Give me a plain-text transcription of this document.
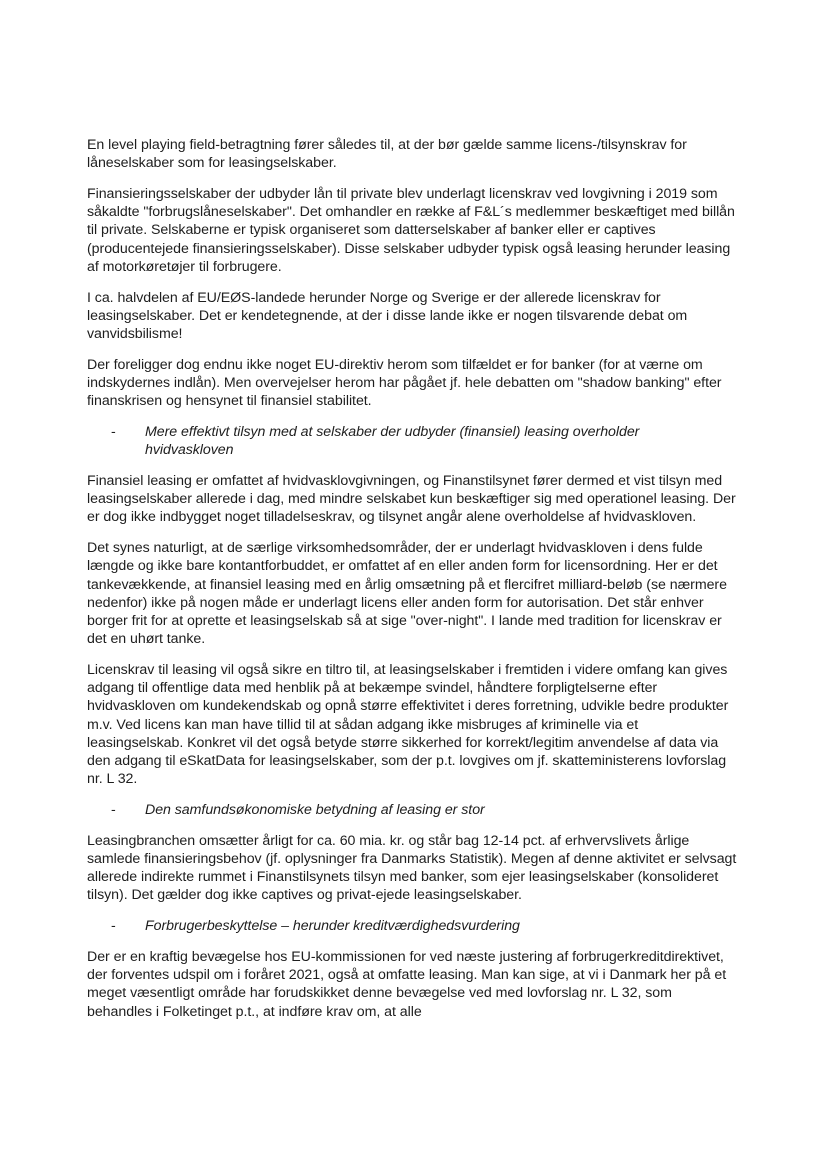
En level playing field-betragtning fører således til, at der bør gælde samme licens-/tilsynskrav for låneselskaber som for leasingselskaber.

Finansieringsselskaber der udbyder lån til private blev underlagt licenskrav ved lovgivning i 2019 som såkaldte "forbrugslåneselskaber". Det omhandler en række af F&L´s medlemmer beskæftiget med billån til private. Selskaberne er typisk organiseret som datterselskaber af banker eller er captives (producentejede finansieringsselskaber). Disse selskaber udbyder typisk også leasing herunder leasing af motorkøretøjer til forbrugere.

I ca. halvdelen af EU/EØS-landede herunder Norge og Sverige er der allerede licenskrav for leasingselskaber. Det er kendetegnende, at der i disse lande ikke er nogen tilsvarende debat om vanvidsbilisme!

Der foreligger dog endnu ikke noget EU-direktiv herom som tilfældet er for banker (for at værne om indskydernes indlån). Men overvejelser herom har pågået jf. hele debatten om "shadow banking" efter finanskrisen og hensynet til finansiel stabilitet.

-	Mere effektivt tilsyn med at selskaber der udbyder (finansiel) leasing overholder hvidvaskloven

Finansiel leasing er omfattet af hvidvasklovgivningen, og Finanstilsynet fører dermed et vist tilsyn med leasingselskaber allerede i dag, med mindre selskabet kun beskæftiger sig med operationel leasing. Der er dog ikke indbygget noget tilladelseskrav, og tilsynet angår alene overholdelse af hvidvaskloven.

Det synes naturligt, at de særlige virksomhedsområder, der er underlagt hvidvaskloven i dens fulde længde og ikke bare kontantforbuddet, er omfattet af en eller anden form for licensordning. Her er det tankevækkende, at finansiel leasing med en årlig omsætning på et flercifret milliard-beløb (se nærmere nedenfor) ikke på nogen måde er underlagt licens eller anden form for autorisation. Det står enhver borger frit for at oprette et leasingselskab så at sige "over-night". I lande med tradition for licenskrav er det en uhørt tanke.

Licenskrav til leasing vil også sikre en tiltro til, at leasingselskaber i fremtiden i videre omfang kan gives adgang til offentlige data med henblik på at bekæmpe svindel, håndtere forpligtelserne efter hvidvaskloven om kundekendskab og opnå større effektivitet i deres forretning, udvikle bedre produkter m.v. Ved licens kan man have tillid til at sådan adgang ikke misbruges af kriminelle via et leasingselskab. Konkret vil det også betyde større sikkerhed for korrekt/legitim anvendelse af data via den adgang til eSkatData for leasingselskaber, som der p.t. lovgives om jf. skatteministerens lovforslag nr. L 32.

-	Den samfundsøkonomiske betydning af leasing er stor

Leasingbranchen omsætter årligt for ca. 60 mia. kr. og står bag 12-14 pct. af erhvervslivets årlige samlede finansieringsbehov (jf. oplysninger fra Danmarks Statistik). Megen af denne aktivitet er selvsagt allerede indirekte rummet i Finanstilsynets tilsyn med banker, som ejer leasingselskaber (konsolideret tilsyn). Det gælder dog ikke captives og privat-ejede leasingselskaber.

-	Forbrugerbeskyttelse – herunder kreditværdighedsvurdering

Der er en kraftig bevægelse hos EU-kommissionen for ved næste justering af forbrugerkreditdirektivet, der forventes udspil om i foråret 2021, også at omfatte leasing. Man kan sige, at vi i Danmark her på et meget væsentligt område har forudskikket denne bevægelse ved med lovforslag nr. L 32, som behandles i Folketinget p.t., at indføre krav om, at alle
